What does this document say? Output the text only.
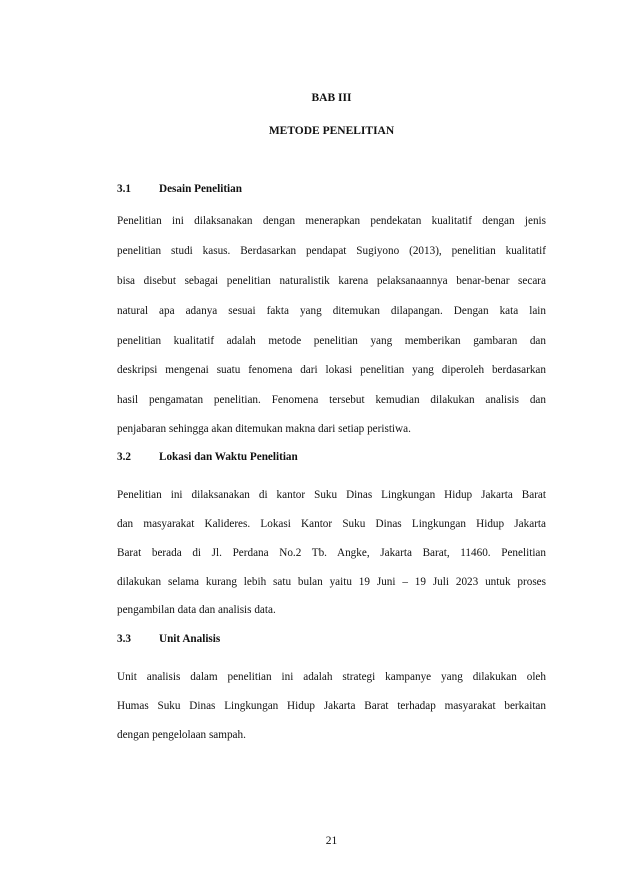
BAB III
METODE PENELITIAN
3.1	Desain Penelitian
Penelitian ini dilaksanakan dengan menerapkan pendekatan kualitatif dengan jenis
penelitian studi kasus. Berdasarkan pendapat Sugiyono (2013), penelitian kualitatif
bisa disebut sebagai penelitian naturalistik karena pelaksanaannya benar-benar secara
natural apa adanya sesuai fakta yang ditemukan dilapangan. Dengan kata lain
penelitian kualitatif adalah metode penelitian yang memberikan gambaran dan
deskripsi mengenai suatu fenomena dari lokasi penelitian yang diperoleh berdasarkan
hasil pengamatan penelitian. Fenomena tersebut kemudian dilakukan analisis dan
penjabaran sehingga akan ditemukan makna dari setiap peristiwa.
3.2	Lokasi dan Waktu Penelitian
Penelitian ini dilaksanakan di kantor Suku Dinas Lingkungan Hidup Jakarta Barat
dan masyarakat Kalideres. Lokasi Kantor Suku Dinas Lingkungan Hidup Jakarta
Barat berada di Jl. Perdana No.2 Tb. Angke, Jakarta Barat, 11460. Penelitian
dilakukan selama kurang lebih satu bulan yaitu 19 Juni – 19 Juli 2023 untuk proses
pengambilan data dan analisis data.
3.3	Unit Analisis
Unit analisis dalam penelitian ini adalah strategi kampanye yang dilakukan oleh
Humas Suku Dinas Lingkungan Hidup Jakarta Barat terhadap masyarakat berkaitan
dengan pengelolaan sampah.
21
